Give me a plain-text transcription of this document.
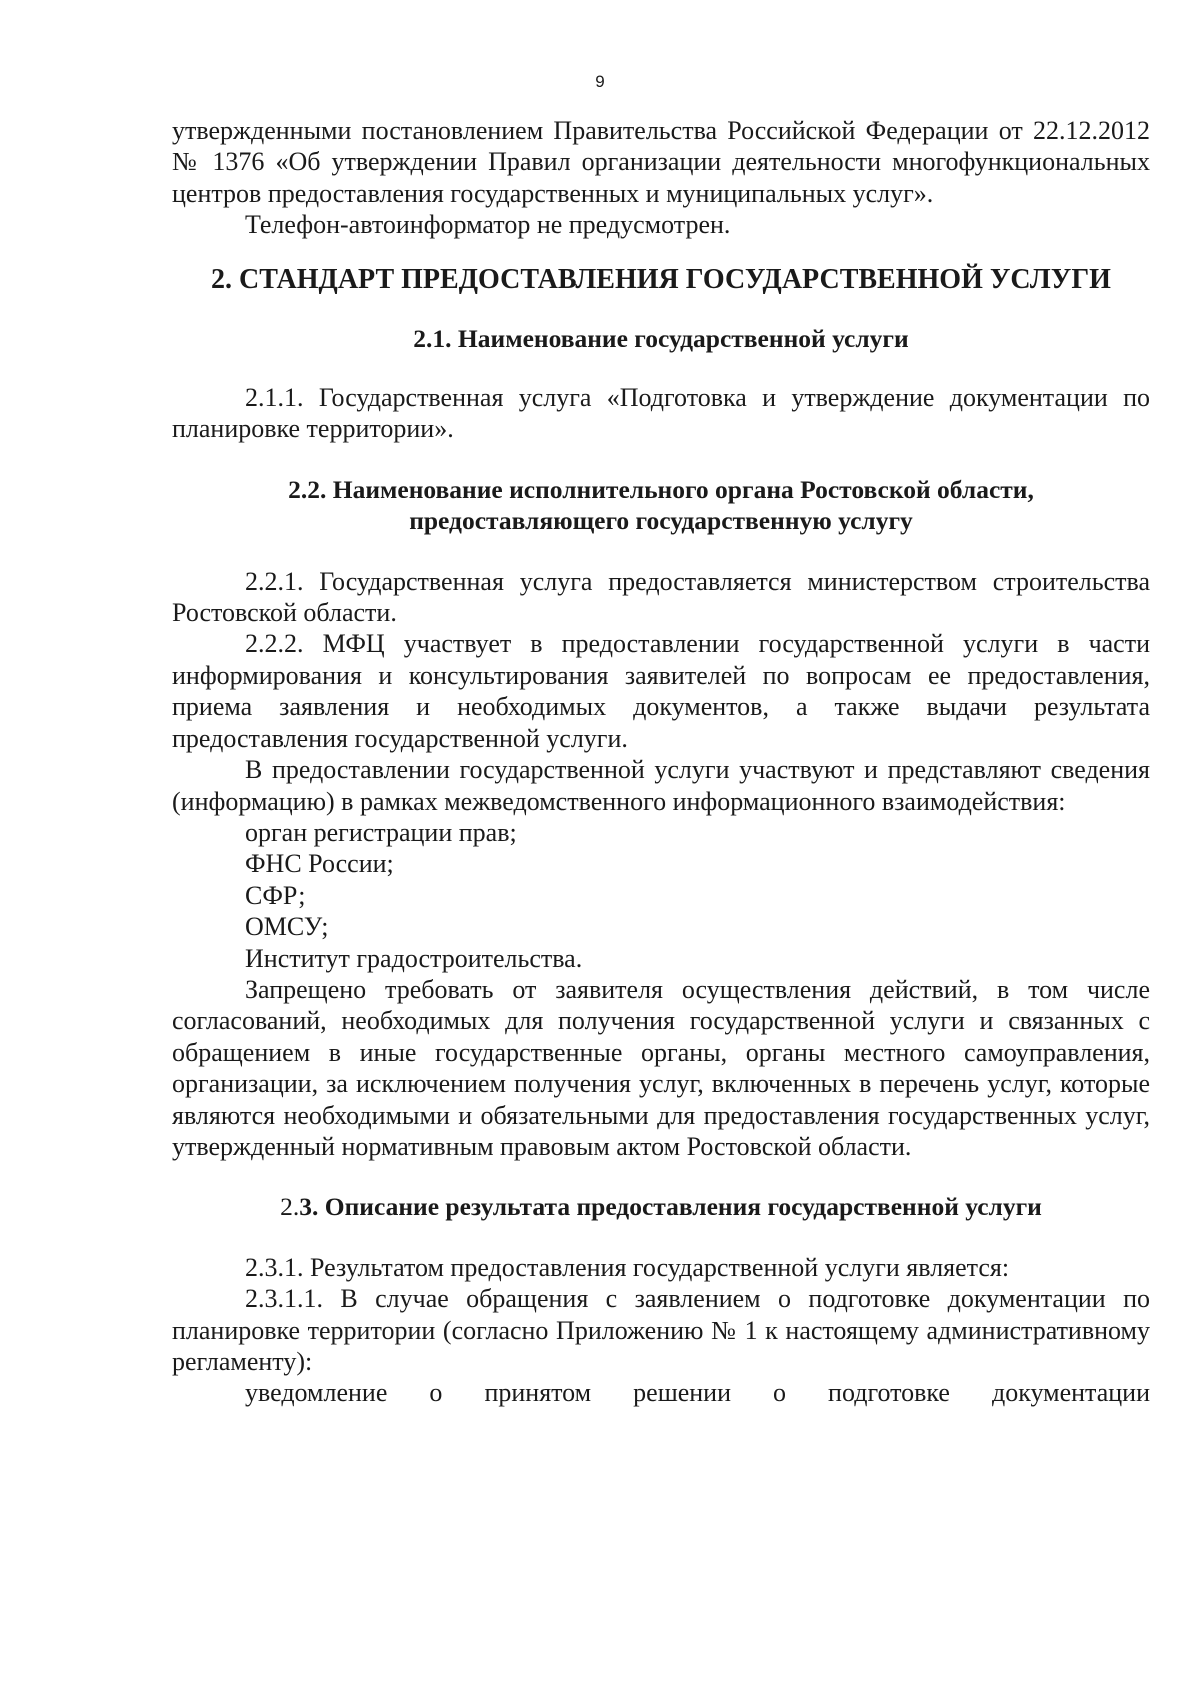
9

утвержденными постановлением Правительства Российской Федерации от 22.12.2012 № 1376 «Об утверждении Правил организации деятельности многофункциональных центров предоставления государственных и муниципальных услуг».

Телефон-автоинформатор не предусмотрен.

2. СТАНДАРТ ПРЕДОСТАВЛЕНИЯ ГОСУДАРСТВЕННОЙ УСЛУГИ
2.1. Наименование государственной услуги

2.1.1. Государственная услуга «Подготовка и утверждение документации по планировке территории».

2.2. Наименование исполнительного органа Ростовской области,
предоставляющего государственную услугу

2.2.1. Государственная услуга предоставляется министерством строительства Ростовской области.

2.2.2. МФЦ участвует в предоставлении государственной услуги в части информирования и консультирования заявителей по вопросам ее предоставления, приема заявления и необходимых документов, а также выдачи результата предоставления государственной услуги.

В предоставлении государственной услуги участвуют и представляют сведения (информацию) в рамках межведомственного информационного взаимодействия:

орган регистрации прав;

ФНС России;

СФР;

ОМСУ;

Институт градостроительства.

Запрещено требовать от заявителя осуществления действий, в том числе согласований, необходимых для получения государственной услуги и связанных с обращением в иные государственные органы, органы местного самоуправления, организации, за исключением получения услуг, включенных в перечень услуг, которые являются необходимыми и обязательными для предоставления государственных услуг, утвержденный нормативным правовым актом Ростовской области.

2.3. Описание результата предоставления государственной услуги

2.3.1. Результатом предоставления государственной услуги является:

2.3.1.1. В случае обращения с заявлением о подготовке документации по планировке территории (согласно Приложению № 1 к настоящему административному регламенту):

уведомление о принятом решении о подготовке документации
